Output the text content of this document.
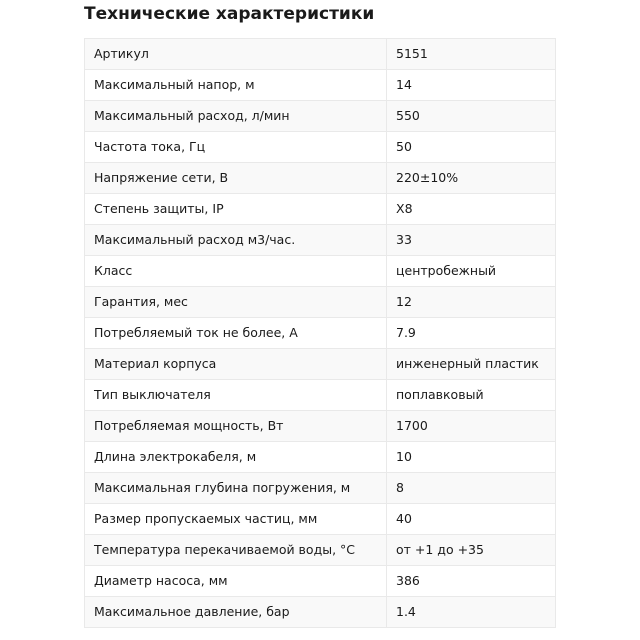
Технические характеристики
Артикул	5151
Максимальный напор, м	14
Максимальный расход, л/мин	550
Частота тока, Гц	50
Напряжение сети, В	220±10%
Степень защиты, IP	X8
Максимальный расход м3/час.	33
Класс	центробежный
Гарантия, мес	12
Потребляемый ток не более, А	7.9
Материал корпуса	инженерный пластик
Тип выключателя	поплавковый
Потребляемая мощность, Вт	1700
Длина электрокабеля, м	10
Максимальная глубина погружения, м	8
Размер пропускаемых частиц, мм	40
Температура перекачиваемой воды, °С	от +1 до +35
Диаметр насоса, мм	386
Максимальное давление, бар	1.4
